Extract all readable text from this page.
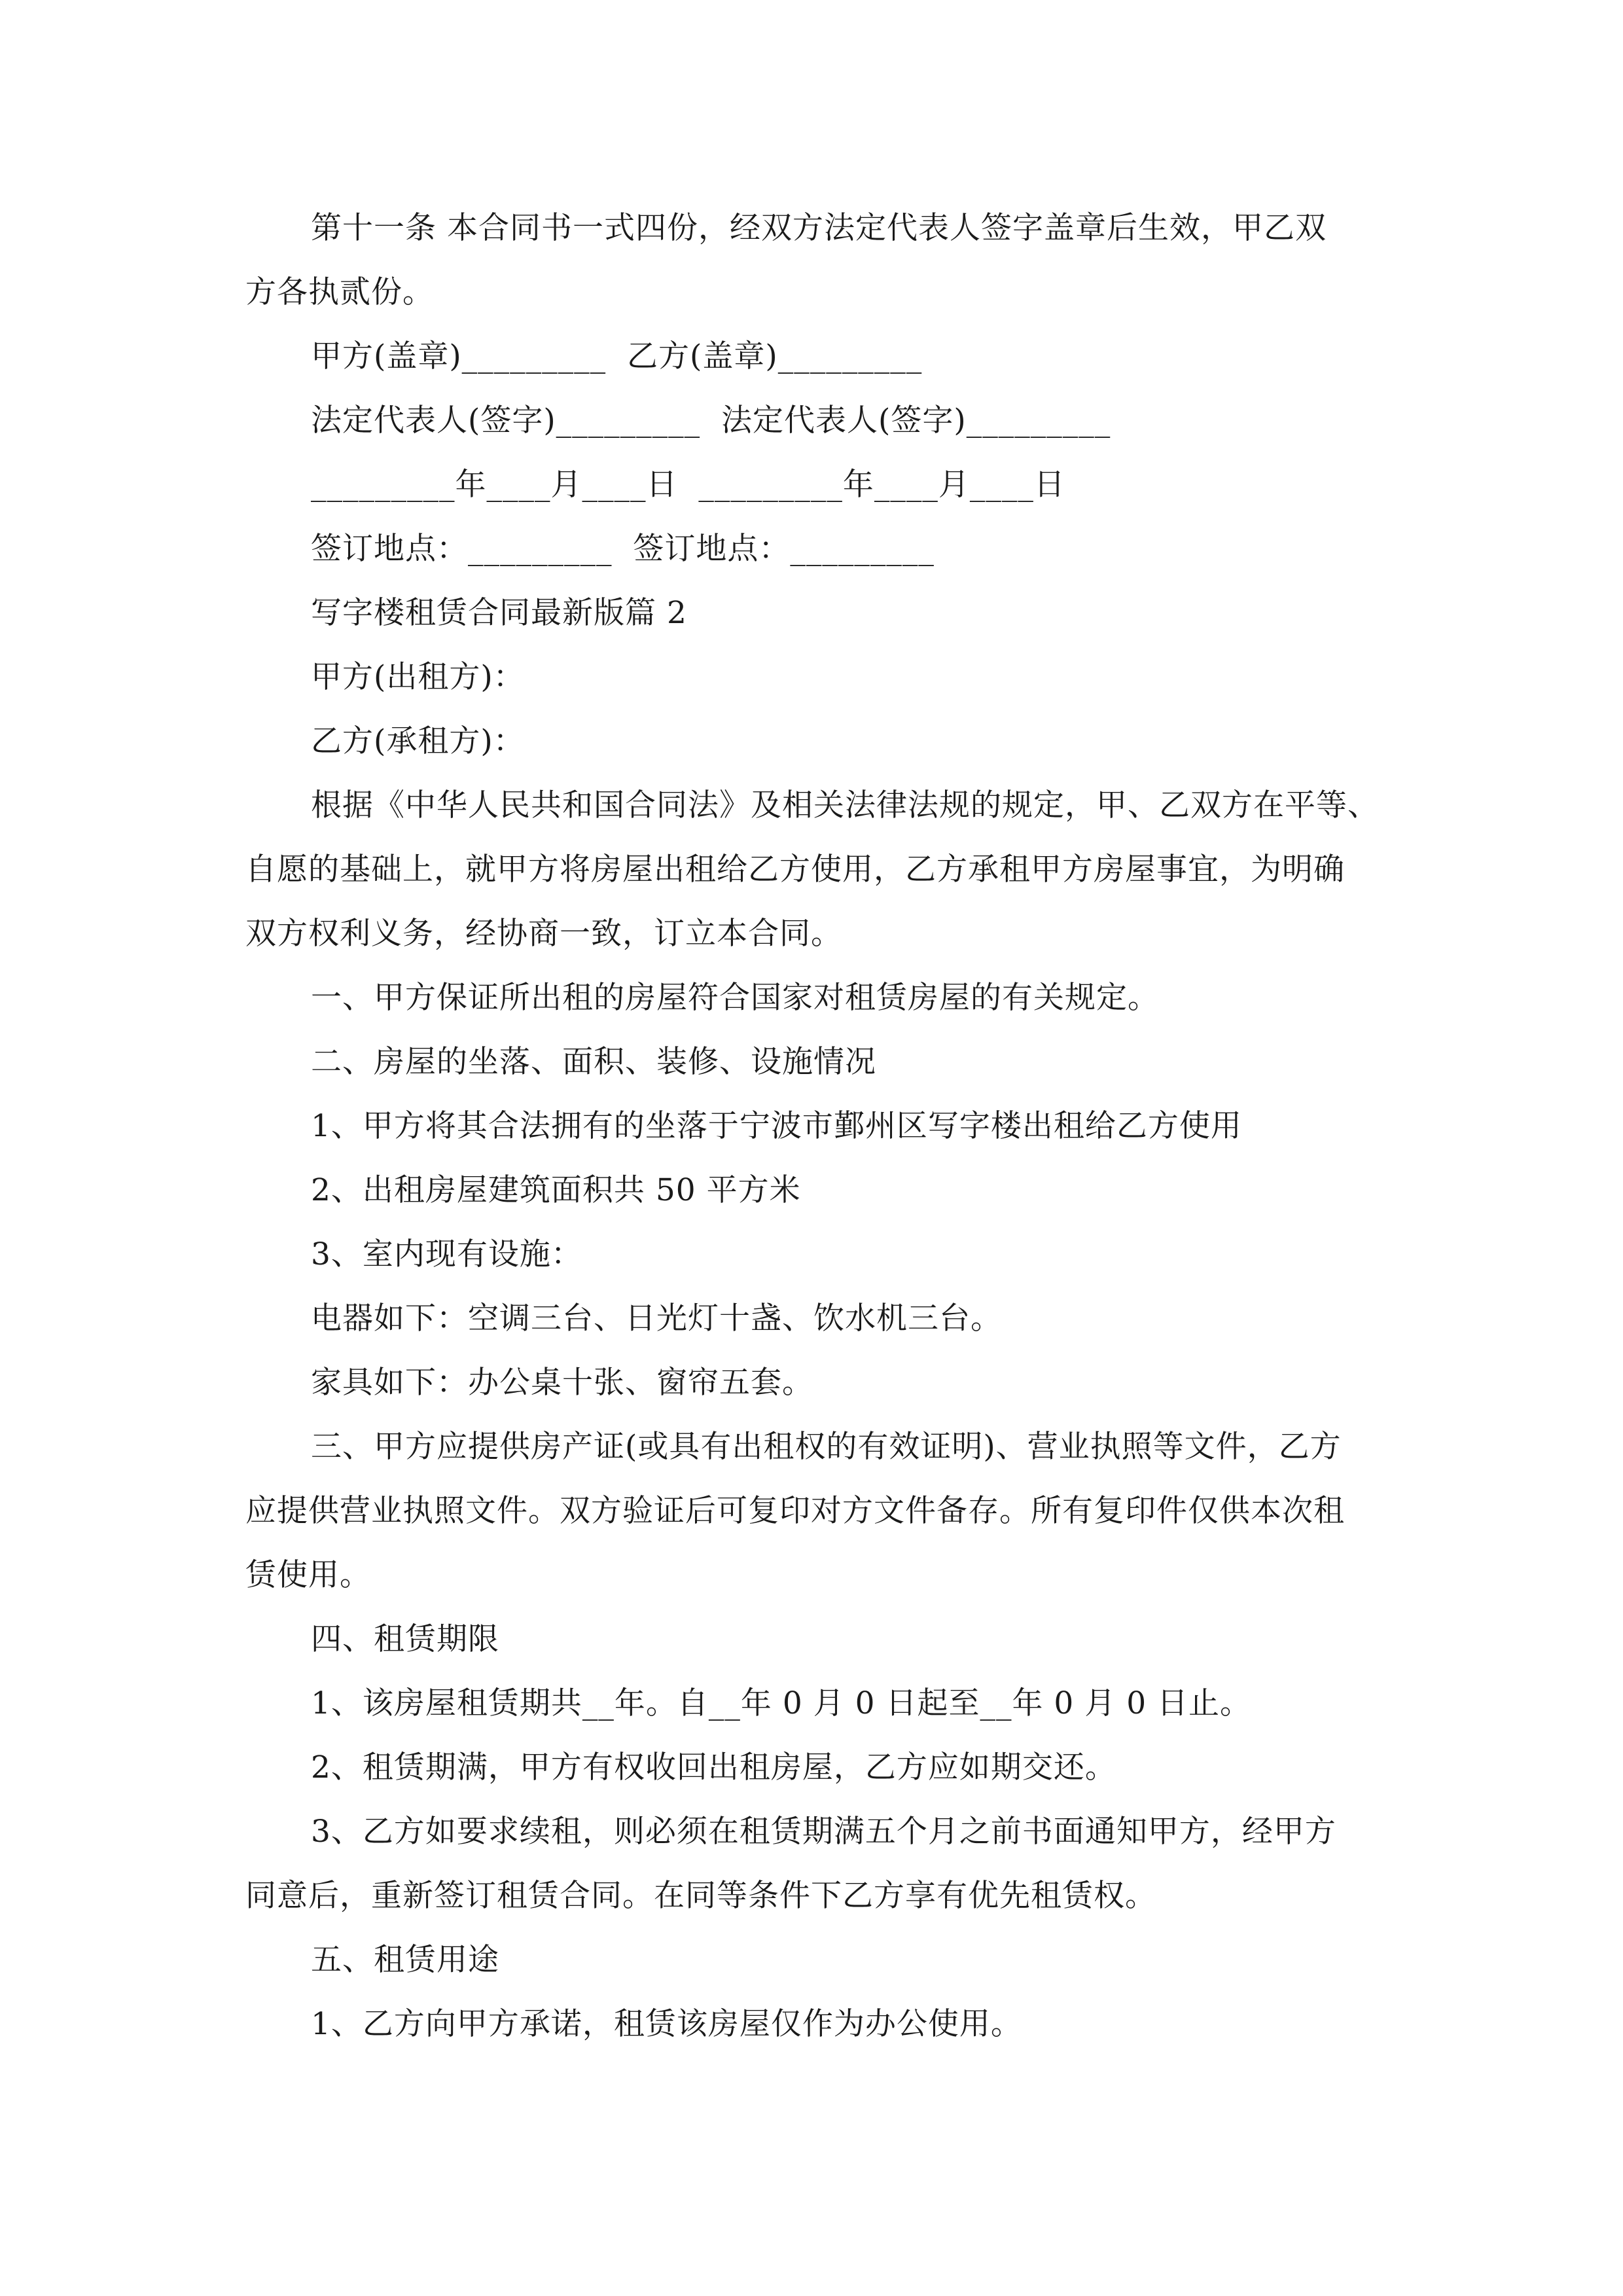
第十一条 本合同书一式四份，经双方法定代表人签字盖章后生效，甲乙双
方各执贰份。
甲方(盖章)_________  乙方(盖章)_________
法定代表人(签字)_________  法定代表人(签字)_________
_________年____月____日  _________年____月____日
签订地点：_________  签订地点：_________
写字楼租赁合同最新版篇 2
甲方(出租方)：
乙方(承租方)：
根据《中华人民共和国合同法》及相关法律法规的规定，甲、乙双方在平等、
自愿的基础上，就甲方将房屋出租给乙方使用，乙方承租甲方房屋事宜，为明确
双方权利义务，经协商一致，订立本合同。
一、甲方保证所出租的房屋符合国家对租赁房屋的有关规定。
二、房屋的坐落、面积、装修、设施情况
1、甲方将其合法拥有的坐落于宁波市鄞州区写字楼出租给乙方使用
2、出租房屋建筑面积共 50 平方米
3、室内现有设施：
电器如下：空调三台、日光灯十盏、饮水机三台。
家具如下：办公桌十张、窗帘五套。
三、甲方应提供房产证(或具有出租权的有效证明)、营业执照等文件，乙方
应提供营业执照文件。双方验证后可复印对方文件备存。所有复印件仅供本次租
赁使用。
四、租赁期限
1、该房屋租赁期共__年。自__年 0 月 0 日起至__年 0 月 0 日止。
2、租赁期满，甲方有权收回出租房屋，乙方应如期交还。
3、乙方如要求续租，则必须在租赁期满五个月之前书面通知甲方，经甲方
同意后，重新签订租赁合同。在同等条件下乙方享有优先租赁权。
五、租赁用途
1、乙方向甲方承诺，租赁该房屋仅作为办公使用。
